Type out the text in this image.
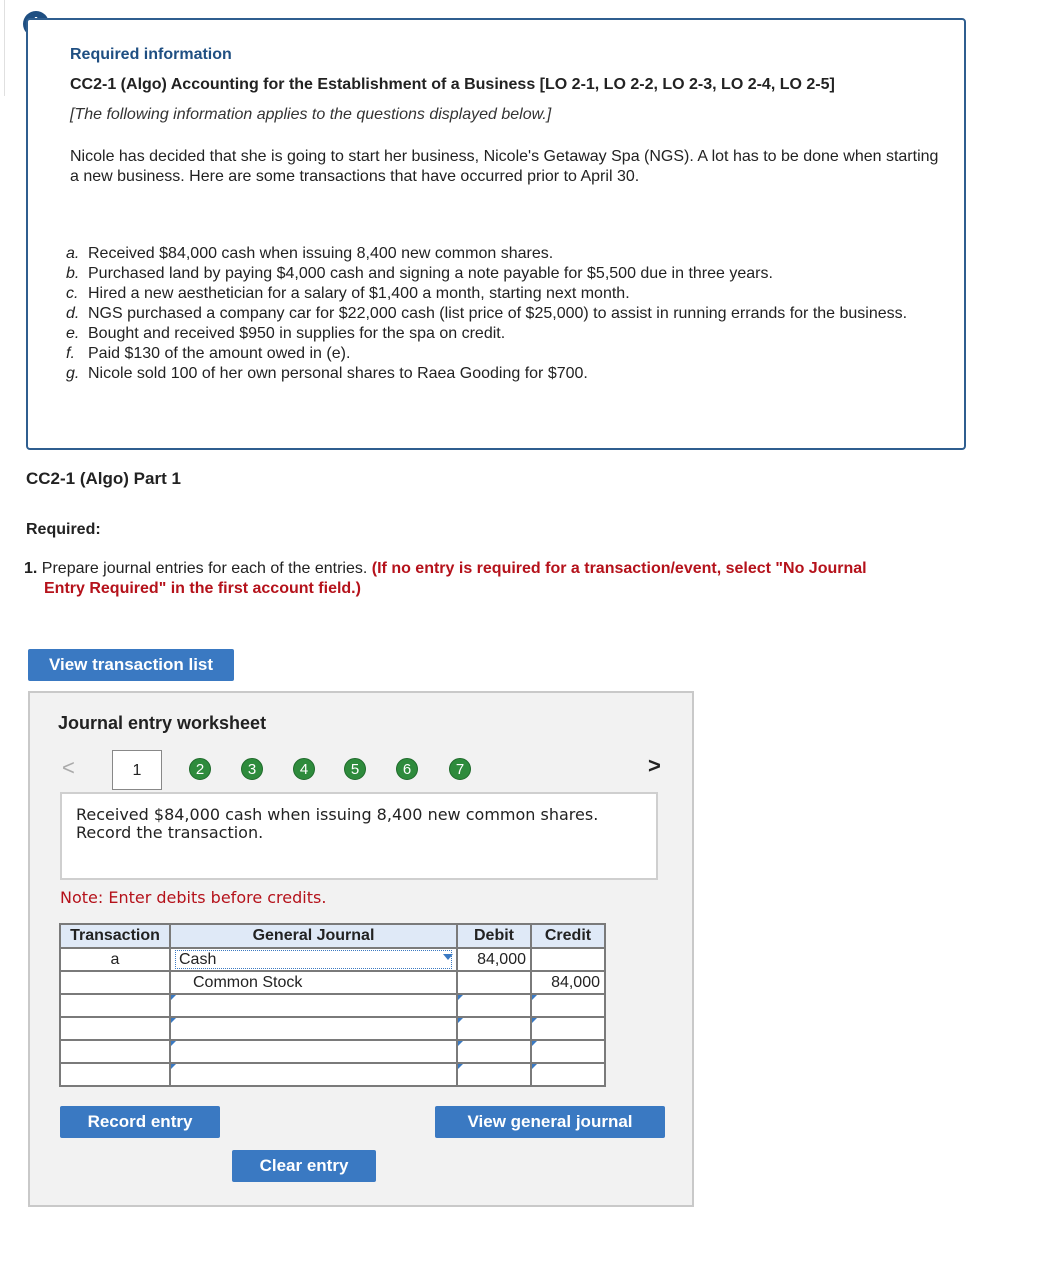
Required information
CC2-1 (Algo) Accounting for the Establishment of a Business [LO 2-1, LO 2-2, LO 2-3, LO 2-4, LO 2-5]
[The following information applies to the questions displayed below.]
Nicole has decided that she is going to start her business, Nicole's Getaway Spa (NGS). A lot has to be done when starting a new business. Here are some transactions that have occurred prior to April 30.
a. Received $84,000 cash when issuing 8,400 new common shares.
b. Purchased land by paying $4,000 cash and signing a note payable for $5,500 due in three years.
c. Hired a new aesthetician for a salary of $1,400 a month, starting next month.
d. NGS purchased a company car for $22,000 cash (list price of $25,000) to assist in running errands for the business.
e. Bought and received $950 in supplies for the spa on credit.
f. Paid $130 of the amount owed in (e).
g. Nicole sold 100 of her own personal shares to Raea Gooding for $700.
CC2-1 (Algo) Part 1
Required:
1. Prepare journal entries for each of the entries. (If no entry is required for a transaction/event, select "No Journal
Entry Required" in the first account field.)
View transaction list
Journal entry worksheet
<	1	2	3	4	5	6	7	>
Received $84,000 cash when issuing 8,400 new common shares. Record the transaction.
Note: Enter debits before credits.
Transaction	General Journal	Debit	Credit
a	Cash	84,000	

	Common Stock		84,000

Record entry	View general journal
Clear entry
